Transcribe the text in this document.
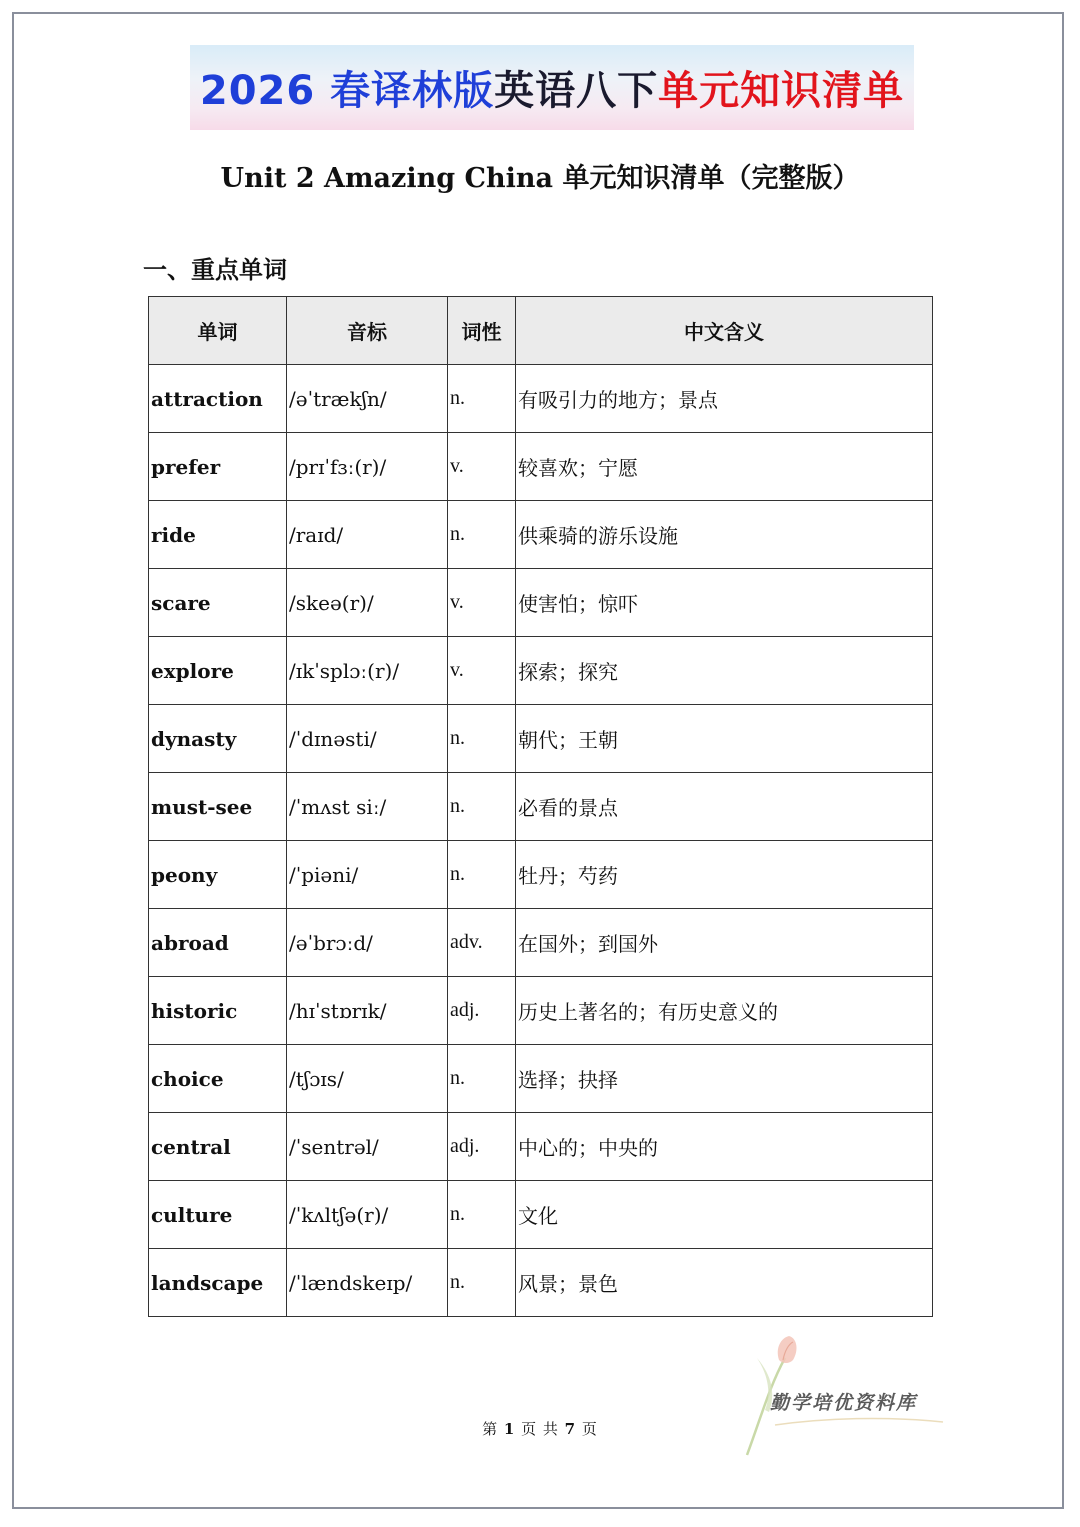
2026 春译林版 英语八下 单元知识清单
Unit 2 Amazing China 单元知识清单（完整版）
一、重点单词
单词	音标	词性	中文含义
attraction	/əˈtrækʃn/	n.	有吸引力的地方；景点
prefer	/prɪˈfɜː(r)/	v.	较喜欢；宁愿
ride	/raɪd/	n.	供乘骑的游乐设施
scare	/skeə(r)/	v.	使害怕；惊吓
explore	/ɪkˈsplɔː(r)/	v.	探索；探究
dynasty	/ˈdɪnəsti/	n.	朝代；王朝
must-see	/ˈmʌst siː/	n.	必看的景点
peony	/ˈpiəni/	n.	牡丹；芍药
abroad	/əˈbrɔːd/	adv.	在国外；到国外
historic	/hɪˈstɒrɪk/	adj.	历史上著名的；有历史意义的
choice	/tʃɔɪs/	n.	选择；抉择
central	/ˈsentrəl/	adj.	中心的；中央的
culture	/ˈkʌltʃə(r)/	n.	文化
landscape	/ˈlændskeɪp/	n.	风景；景色
第 1 页 共 7 页
勤学培优资料库
